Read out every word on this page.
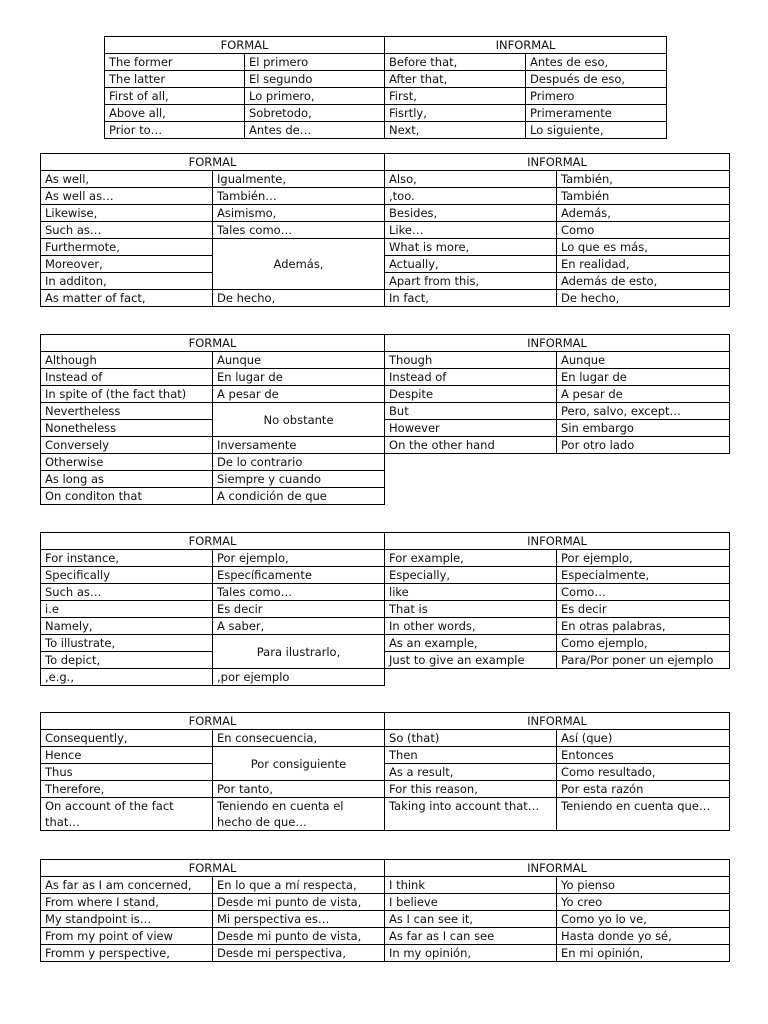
FORMAL		INFORMAL	
The former	El primero	Before that,	Antes de eso,
The latter	El segundo	After that,	Después de eso,
First of all,	Lo primero,	First,	Primero
Above all,	Sobretodo,	Fisrtly,	Primeramente
Prior to…	Antes de…	Next,	Lo siguiente,
FORMAL		INFORMAL	
As well,	Igualmente,	Also,	También,
As well as…	También…	,too.	También
Likewise,	Asimismo,	Besides,	Además,
Such as…	Tales como…	Like…	Como
Furthermote,	Además,	What is more,	Lo que es más,
Moreover,		Actually,	En realidad,
In additon,		Apart from this,	Además de esto,
As matter of fact,	De hecho,	In fact,	De hecho,
FORMAL		INFORMAL	
Although	Aunque	Though	Aunque
Instead of	En lugar de	Instead of	En lugar de
In spite of (the fact that)	A pesar de	Despite	A pesar de
Nevertheless	No obstante	But	Pero, salvo, except…
Nonetheless		However	Sin embargo
Conversely	Inversamente	On the other hand	Por otro lado
Otherwise	De lo contrario		
As long as	Siempre y cuando		
On conditon that	A condición de que		
FORMAL		INFORMAL	
For instance,	Por ejemplo,	For example,	Por ejemplo,
Specifically	Específicamente	Especially,	Especialmente,
Such as…	Tales como…	like	Como…
i.e	Es decir	That is	Es decir
Namely,	A saber,	In other words,	En otras palabras,
To illustrate,	Para ilustrarlo,	As an example,	Como ejemplo,
To depict,		Just to give an example	Para/Por poner un ejemplo
,e.g.,	,por ejemplo		
FORMAL		INFORMAL	
Consequently,	En consecuencia,	So (that)	Así (que)
Hence	Por consiguiente	Then	Entonces
Thus		As a result,	Como resultado,
Therefore,	Por tanto,	For this reason,	Por esta razón
On account of the fact that…	Teniendo en cuenta el hecho de que…	Taking into account that…	Teniendo en cuenta que…
FORMAL		INFORMAL	
As far as I am concerned,	En lo que a mí respecta,	I think	Yo pienso
From where I stand,	Desde mi punto de vista,	I believe	Yo creo
My standpoint is…	Mi perspectiva es…	As I can see it,	Como yo lo ve,
From my point of view	Desde mi punto de vista,	As far as I can see	Hasta donde yo sé,
Fromm y perspective,	Desde mi perspectiva,	In my opinión,	En mi opinión,
